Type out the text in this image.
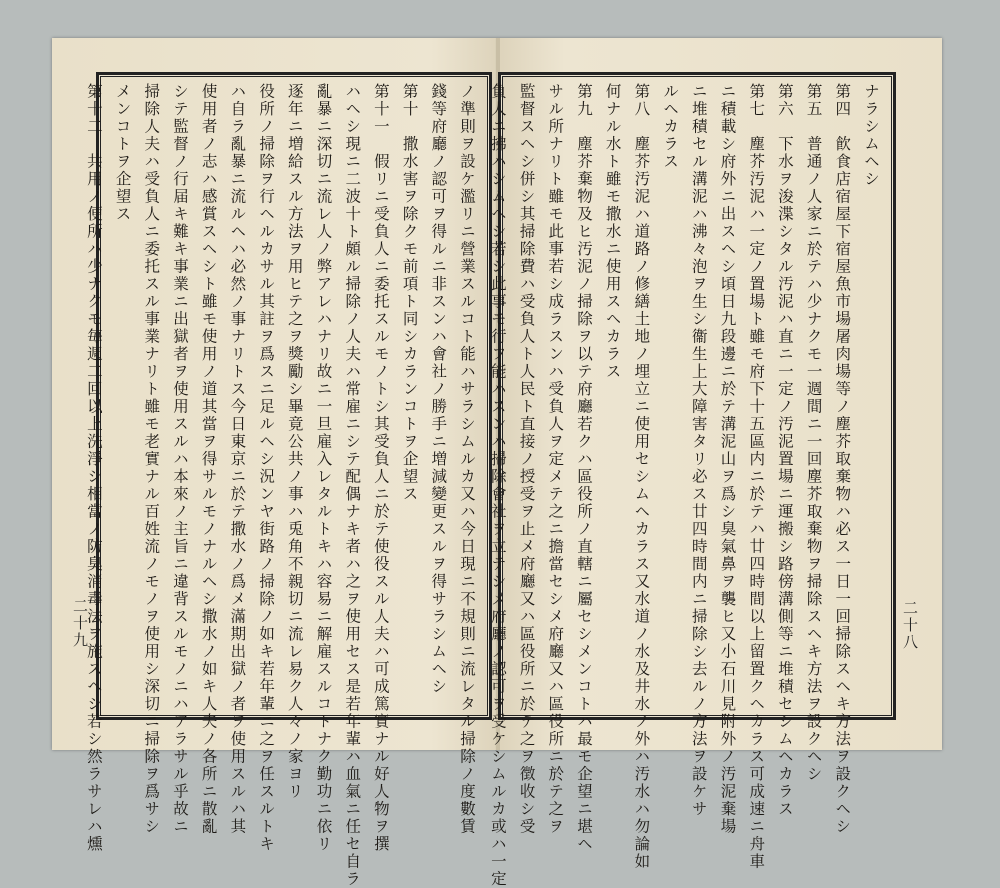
ナラシムヘシ
第四　飮食店宿屋下宿屋魚市場屠肉場等ノ塵芥取棄物ハ必ス一日一回掃除スヘキ方法ヲ設クヘシ
第五　普通ノ人家ニ於テハ少ナクモ一週間ニ一回塵芥取棄物ヲ掃除スヘキ方法ヲ設クヘシ
第六　下水ヲ浚渫シタル汚泥ハ直ニ一定ノ汚泥置場ニ運搬シ路傍溝側等ニ堆積セシムヘカラス
第七　塵芥汚泥ハ一定ノ置場ト雖モ府下十五區内ニ於テハ廿四時間以上留置クヘカラス可成速ニ舟車
ニ積載シ府外ニ出スヘシ頃日九段邊ニ於テ溝泥山ヲ爲シ臭氣鼻ヲ襲ヒ又小石川見附外ノ汚泥棄場
ニ堆積セル溝泥ハ沸々泡ヲ生シ衞生上大障害タリ必ス廿四時間内ニ掃除シ去ルノ方法ヲ設ケサ
ルヘカラス
第八　塵芥汚泥ハ道路ノ修繕土地ノ埋立ニ使用セシムヘカラス又水道ノ水及井水ノ外ハ汚水ハ勿論如
何ナル水ト雖モ撒水ニ使用スヘカラス
第九　塵芥棄物及ヒ汚泥ノ掃除ヲ以テ府廳若クハ區役所ノ直轄ニ屬セシメンコトハ最モ企望ニ堪ヘ
サル所ナリト雖モ此事若シ成ラスンハ受負人ヲ定メテ之ニ擔當セシメ府廳又ハ區役所ニ於テ之ヲ
監督スヘシ併シ其掃除費ハ受負人ト人民ト直接ノ授受ヲ止メ府廳又ハ區役所ニ於テ之ヲ徴收シ受
負人ニ拂ハシムヘシ若シ此事モ行フ能ハスンハ掃除會社ヲ立テシメ府廳ノ認可ヲ受ケシムルカ或ハ一定
ノ準則ヲ設ケ濫リニ營業スルコト能ハサラシムルカ又ハ今日現ニ不規則ニ流レタル掃除ノ度數賃
錢等府廳ノ認可ヲ得ルニ非スンハ會社ノ勝手ニ増減變更スルヲ得サラシムヘシ
第十　撒水害ヲ除クモ前項ト同シカランコトヲ企望ス
第十一　假リニ受負人ニ委托スルモノトシ其受負人ニ於テ使役スル人夫ハ可成篤實ナル好人物ヲ撰
ハヘシ現ニ二波十ト頗ル掃除ノ人夫ハ常雇ニシテ配偶ナキ者ハ之ヲ使用セス是若年輩ハ血氣ニ任セ自ラ
亂暴ニ深切ニ流レ人ノ弊アレハナリ故ニ一旦雇入レタルトキハ容易ニ解雇スルコトナク勤功ニ依リ
逐年ニ増給スル方法ヲ用ヒテ之ヲ獎勵シ畢竟公共ノ事ハ兎角不親切ニ流レ易ク人々ノ家ヨリ
役所ノ掃除ヲ行ヘルカサル其註ヲ爲スニ足ルヘシ況ンヤ街路ノ掃除ノ如キ若年輩ニ之ヲ任スルトキ
ハ自ラ亂暴ニ流ルヘハ必然ノ事ナリトス今日東京ニ於テ撒水ノ爲メ滿期出獄ノ者ヲ使用スルハ其
使用者ノ志ハ感賞スヘシト雖モ使用ノ道其當ヲ得サルモノナルヘシ撒水ノ如キ人夫ノ各所ニ散亂
シテ監督ノ行届キ難キ事業ニ出獄者ヲ使用スルハ本來ノ主旨ニ違背スルモノニハアラサル乎故ニ
掃除人夫ハ受負人ニ委托スル事業ナリト雖モ老實ナル百姓流ノモノヲ使用シ深切ニ掃除ヲ爲サシ
メンコトヲ企望ス
第十二　共用ノ便所ハ少ナクモ毎週二回以上洗淨シ相當ノ防臭消毒法ヲ施スヘシ若シ然ラサレハ燻
二十九	二十八
